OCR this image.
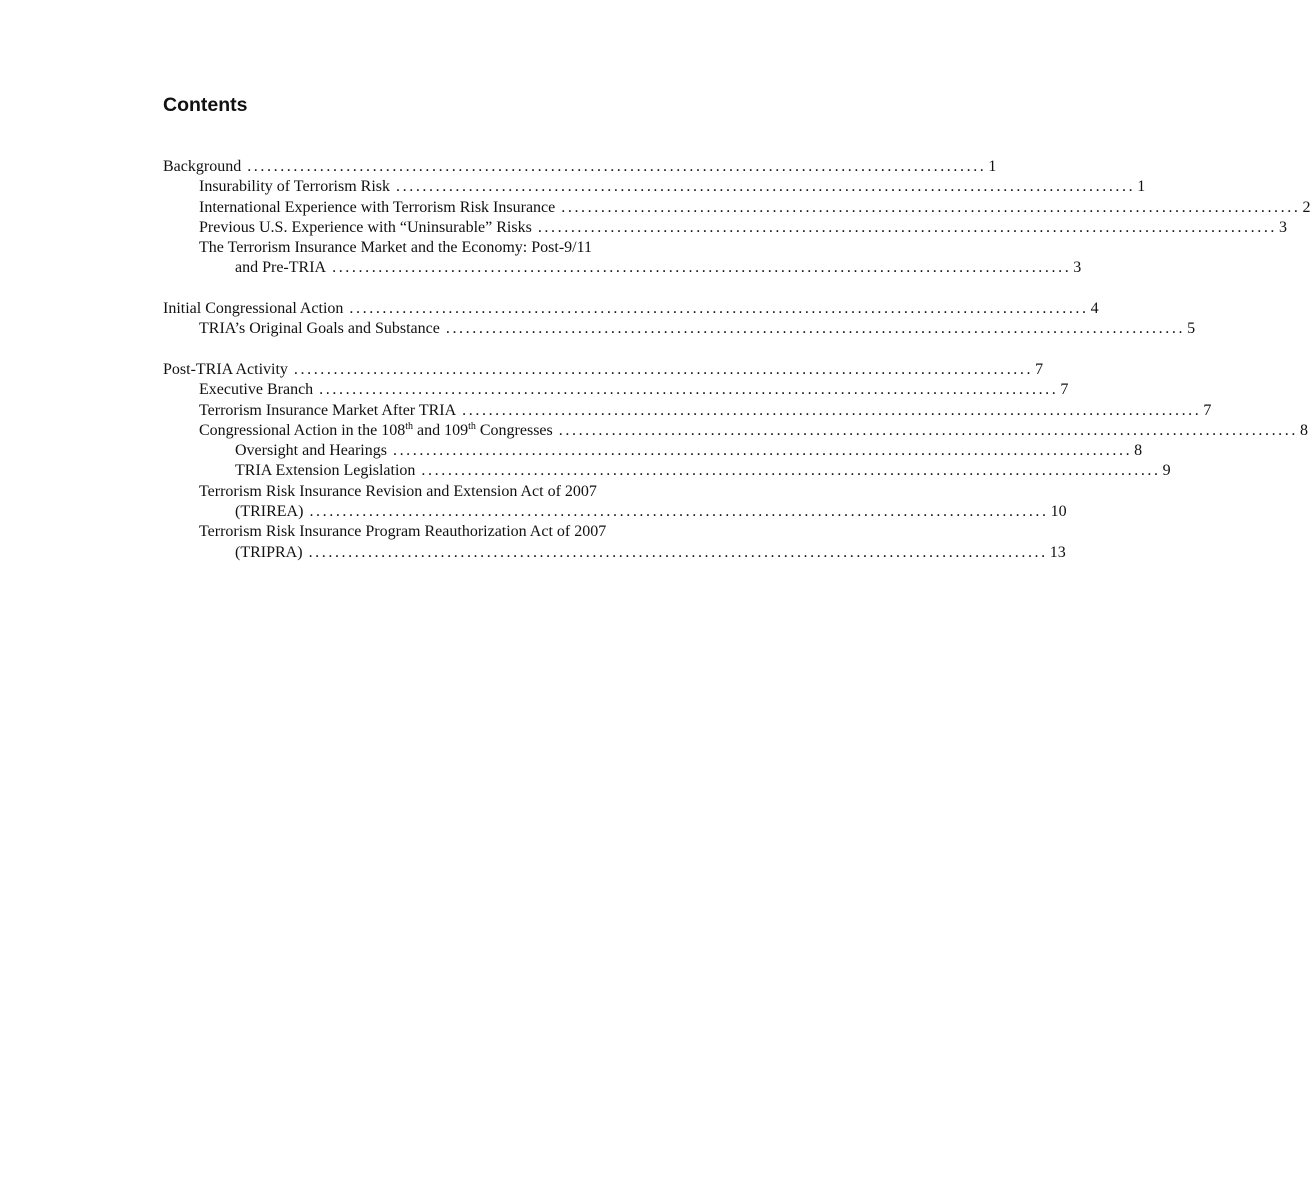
Contents
Background ................................................................................................................ 1
Insurability of Terrorism Risk ................................................................................................................ 1
International Experience with Terrorism Risk Insurance ................................................................................................................ 2
Previous U.S. Experience with “Uninsurable” Risks ................................................................................................................ 3
The Terrorism Insurance Market and the Economy: Post-9/11
and Pre-TRIA ................................................................................................................ 3
Initial Congressional Action ................................................................................................................ 4
TRIA’s Original Goals and Substance ................................................................................................................ 5
Post-TRIA Activity ................................................................................................................ 7
Executive Branch ................................................................................................................ 7
Terrorism Insurance Market After TRIA ................................................................................................................ 7
Congressional Action in the 108th and 109th Congresses ................................................................................................................ 8
Oversight and Hearings ................................................................................................................ 8
TRIA Extension Legislation ................................................................................................................ 9
Terrorism Risk Insurance Revision and Extension Act of 2007
(TRIREA) ................................................................................................................ 10
Terrorism Risk Insurance Program Reauthorization Act of 2007
(TRIPRA) ................................................................................................................ 13
